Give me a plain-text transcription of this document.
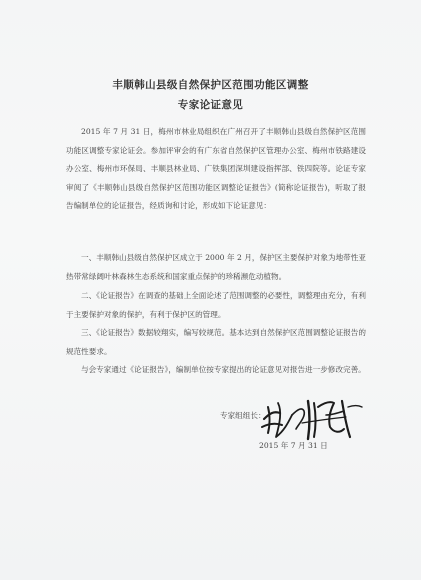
丰顺韩山县级自然保护区范围功能区调整
专家论证意见

2015 年 7 月 31 日，梅州市林业局组织在广州召开了丰顺韩山县级自然保护区范围功能区调整专家论证会。参加评审会的有广东省自然保护区管理办公室、梅州市铁路建设办公室、梅州市环保局、丰顺县林业局、广铁集团深圳建设指挥部、铁四院等。论证专家审阅了《丰顺韩山县级自然保护区范围功能区调整论证报告》(简称论证报告)，听取了报告编制单位的论证报告，经质询和讨论，形成如下论证意见：

一、丰顺韩山县级自然保护区成立于 2000 年 2 月，保护区主要保护对象为地带性亚热带常绿阔叶林森林生态系统和国家重点保护的珍稀濒危动植物。

二、《论证报告》在调查的基础上全面论述了范围调整的必要性，调整理由充分，有利于主要保护对象的保护，有利于保护区的管理。

三、《论证报告》数据较翔实，编写较规范。基本达到自然保护区范围调整论证报告的规范性要求。

与会专家通过《论证报告》，编制单位按专家提出的论证意见对报告进一步修改完善。

专家组组长：
2015 年 7 月 31 日
